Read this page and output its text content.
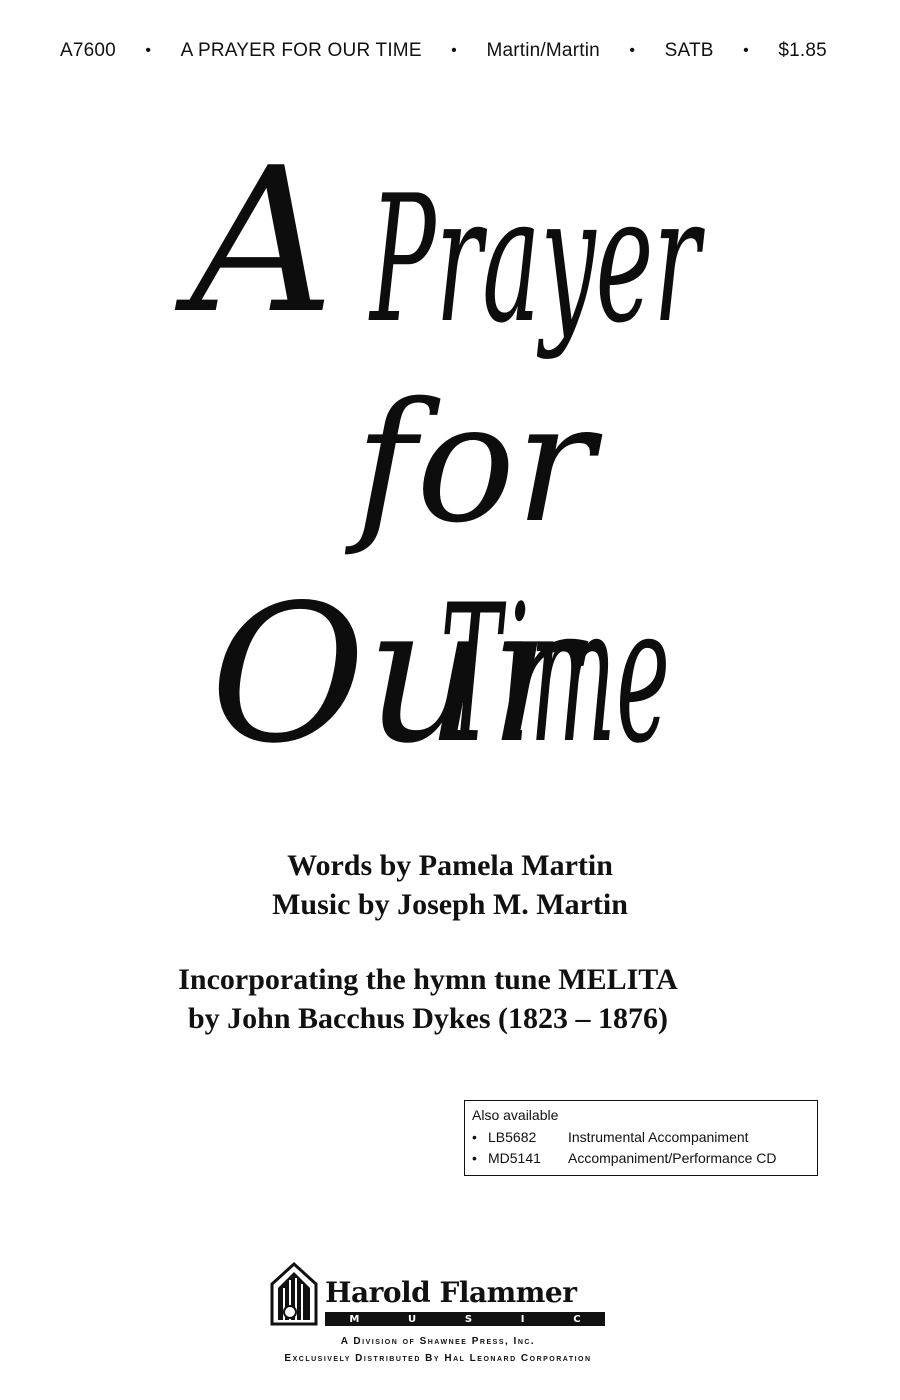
A7600 • A PRAYER FOR OUR TIME • Martin/Martin • SATB • $1.85
A Prayer
for
Our
Time
Words by Pamela Martin
Music by Joseph M. Martin
Incorporating the hymn tune MELITA
by John Bacchus Dykes (1823 – 1876)
Also available
• LB5682	Instrumental Accompaniment
• MD5141	Accompaniment/Performance CD
Harold Flammer
M	U	S	I	C
A Division of Shawnee Press, Inc.
Exclusively Distributed By Hal Leonard Corporation
